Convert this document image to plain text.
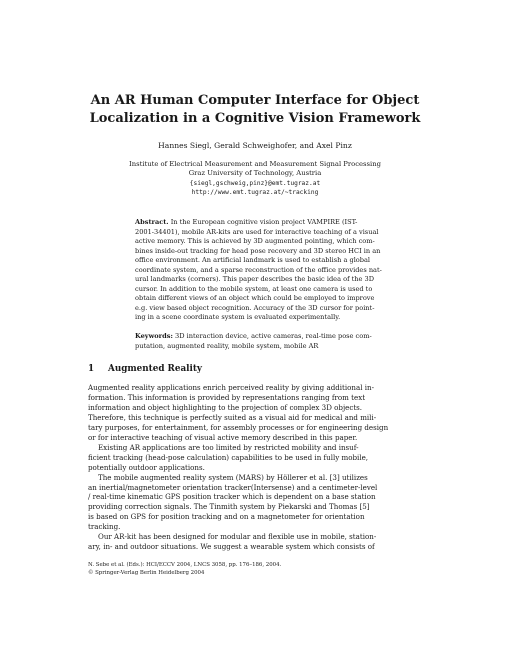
An AR Human Computer Interface for Object
Localization in a Cognitive Vision Framework
Hannes Siegl, Gerald Schweighofer, and Axel Pinz
Institute of Electrical Measurement and Measurement Signal Processing
Graz University of Technology, Austria
{siegl,gschweig,pinz}@emt.tugraz.at
http://www.emt.tugraz.at/~tracking
Abstract. In the European cognitive vision project VAMPIRE (IST-
2001-34401), mobile AR-kits are used for interactive teaching of a visual
active memory. This is achieved by 3D augmented pointing, which com-
bines inside-out tracking for head pose recovery and 3D stereo HCI in an
office environment. An artificial landmark is used to establish a global
coordinate system, and a sparse reconstruction of the office provides nat-
ural landmarks (corners). This paper describes the basic idea of the 3D
cursor. In addition to the mobile system, at least one camera is used to
obtain different views of an object which could be employed to improve
e.g. view based object recognition. Accuracy of the 3D cursor for point-
ing in a scene coordinate system is evaluated experimentally.
Keywords: 3D interaction device, active cameras, real-time pose com-
putation, augmented reality, mobile system, mobile AR
1 Augmented Reality
Augmented reality applications enrich perceived reality by giving additional in-
formation. This information is provided by representations ranging from text
information and object highlighting to the projection of complex 3D objects.
Therefore, this technique is perfectly suited as a visual aid for medical and mili-
tary purposes, for entertainment, for assembly processes or for engineering design
or for interactive teaching of visual active memory described in this paper.
Existing AR applications are too limited by restricted mobility and insuf-
ficient tracking (head-pose calculation) capabilities to be used in fully mobile,
potentially outdoor applications.
The mobile augmented reality system (MARS) by Höllerer et al. [3] utilizes
an inertial/magnetometer orientation tracker(Intersense) and a centimeter-level
/ real-time kinematic GPS position tracker which is dependent on a base station
providing correction signals. The Tinmith system by Piekarski and Thomas [5]
is based on GPS for position tracking and on a magnetometer for orientation
tracking.
Our AR-kit has been designed for modular and flexible use in mobile, station-
ary, in- and outdoor situations. We suggest a wearable system which consists of
N. Sebe et al. (Eds.): HCI/ECCV 2004, LNCS 3058, pp. 176–186, 2004.
© Springer-Verlag Berlin Heidelberg 2004
